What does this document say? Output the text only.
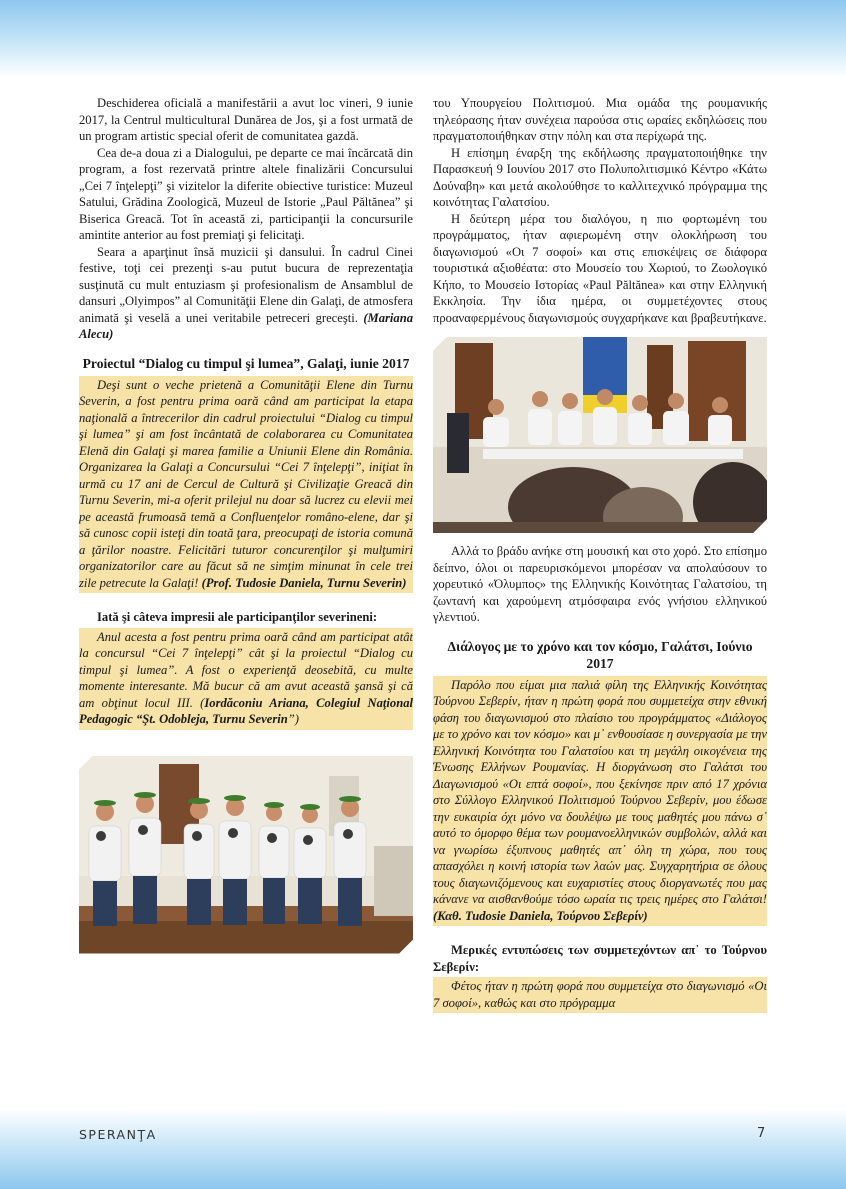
Deschiderea oficială a manifestării a avut loc vineri, 9 iunie 2017, la Centrul multicultural Dunărea de Jos, şi a fost urmată de un program artistic special oferit de comunitatea gazdă.

Cea de-a doua zi a Dialogului, pe departe ce mai încărcată din program, a fost rezervată printre altele finalizării Concursului „Cei 7 înţelepţi” şi vizitelor la diferite obiective turistice: Muzeul Satului, Grădina Zoologică, Muzeul de Istorie „Paul Păltănea” şi Biserica Greacă. Tot în această zi, participanţii la concursurile amintite anterior au fost premiaţi şi felicitaţi.

Seara a aparţinut însă muzicii şi dansului. În cadrul Cinei festive, toţi cei prezenţi s-au putut bucura de reprezentaţia susţinută cu mult entuziasm şi profesionalism de Ansamblul de dansuri „Olyimpos” al Comunităţii Elene din Galaţi, de atmosfera animată şi veselă a unei veritabile petreceri greceşti. (Mariana Alecu)

Proiectul “Dialog cu timpul şi lumea”, Galaţi, iunie 2017

Deşi sunt o veche prietenă a Comunităţii Elene din Turnu Severin, a fost pentru prima oară când am participat la etapa naţională a întrecerilor din cadrul proiectului “Dialog cu timpul şi lumea” şi am fost încântată de colaborarea cu Comunitatea Elenă din Galaţi şi marea familie a Uniunii Elene din România. Organizarea la Galaţi a Concursului “Cei 7 înţelepţi”, iniţiat în urmă cu 17 ani de Cercul de Cultură şi Civilizaţie Greacă din Turnu Severin, mi-a oferit prilejul nu doar să lucrez cu elevii mei pe această frumoasă temă a Confluenţelor româno-elene, dar şi să cunosc copii isteţi din toată ţara, preocupaţi de istoria comună a ţărilor noastre. Felicitări tuturor concurenţilor şi mulţumiri organizatorilor care au făcut să ne simţim minunat în cele trei zile petrecute la Galaţi! (Prof. Tudosie Daniela, Turnu Severin)

Iată şi câteva impresii ale participanţilor severineni:

Anul acesta a fost pentru prima oară când am participat atât la concursul “Cei 7 înţelepţi” cât şi la proiectul “Dialog cu timpul şi lumea”. A fost o experienţă deosebită, cu multe momente interesante. Mă bucur că am avut această şansă şi că am obţinut locul III. (Iordăconiu Ariana, Colegiul Naţional Pedagogic “Şt. Odobleja, Turnu Severin”)

του Υπουργείου Πολιτισμού. Μια ομάδα της ρουμανικής τηλεόρασης ήταν συνέχεια παρούσα στις ωραίες εκδηλώσεις που πραγματοποιήθηκαν στην πόλη και στα περίχωρά της.

Η επίσημη έναρξη της εκδήλωσης πραγματοποιήθηκε την Παρασκευή 9 Ιουνίου 2017 στο Πολυπολιτισμικό Κέντρο «Κάτω Δούναβη» και μετά ακολούθησε το καλλιτεχνικό πρόγραμμα της κοινότητας Γαλατσίου.

Η δεύτερη μέρα του διαλόγου, η πιο φορτωμένη του προγράμματος, ήταν αφιερωμένη στην ολοκλήρωση του διαγωνισμού «Οι 7 σοφοί» και στις επισκέψεις σε διάφορα τουριστικά αξιοθέατα: στο Μουσείο του Χωριού, το Ζωολογικό Κήπο, το Μουσείο Ιστορίας «Paul Păltănea» και στην Ελληνική Εκκλησία. Την ίδια ημέρα, οι συμμετέχοντες στους προαναφερμένους διαγωνισμούς συγχαρήκανε και βραβευτήκανε.

Αλλά το βράδυ ανήκε στη μουσική και στο χορό. Στο επίσημο δείπνο, όλοι οι παρευρισκόμενοι μπορέσαν να απολαύσουν το χορευτικό «Όλυμπος» της Ελληνικής Κοινότητας Γαλατσίου, τη ζωντανή και χαρούμενη ατμόσφαιρα ενός γνήσιου ελληνικού γλεντιού.

Διάλογος με το χρόνο και τον κόσμο, Γαλάτσι, Ιούνιο 2017

Παρόλο που είμαι μια παλιά φίλη της Ελληνικής Κοινότητας Τούρνου Σεβερίν, ήταν η πρώτη φορά που συμμετείχα στην εθνική φάση του διαγωνισμού στο πλαίσιο του προγράμματος «Διάλογος με το χρόνο και τον κόσμο» και μ᾽ ενθουσίασε η συνεργασία με την Ελληνική Κοινότητα του Γαλατσίου και τη μεγάλη οικογένεια της Ένωσης Ελλήνων Ρουμανίας. Η διοργάνωση στο Γαλάτσι του Διαγωνισμού «Οι επτά σοφοί», που ξεκίνησε πριν από 17 χρόνια στο Σύλλογο Ελληνικού Πολιτισμού Τούρνου Σεβερίν, μου έδωσε την ευκαιρία όχι μόνο να δουλέψω με τους μαθητές μου πάνω σ᾽ αυτό το όμορφο θέμα των ρουμανοελληνικών συμβολών, αλλά και να γνωρίσω έξυπνους μαθητές απ᾽ όλη τη χώρα, που τους απασχόλει η κοινή ιστορία των λαών μας. Συγχαρητήρια σε όλους τους διαγωνιζόμενους και ευχαριστίες στους διοργανωτές που μας κάνανε να αισθανθούμε τόσο ωραία τις τρεις ημέρες στο Γαλάτσι! (Καθ. Tudosie Daniela, Τούρνου Σεβερίν)

Μερικές εντυπώσεις των συμμετεχόντων απ᾽ το Τούρνου Σεβερίν:

Φέτος ήταν η πρώτη φορά που συμμετείχα στο διαγωνισμό «Οι 7 σοφοί», καθώς και στο πρόγραμμα

SPERANŢA	7
